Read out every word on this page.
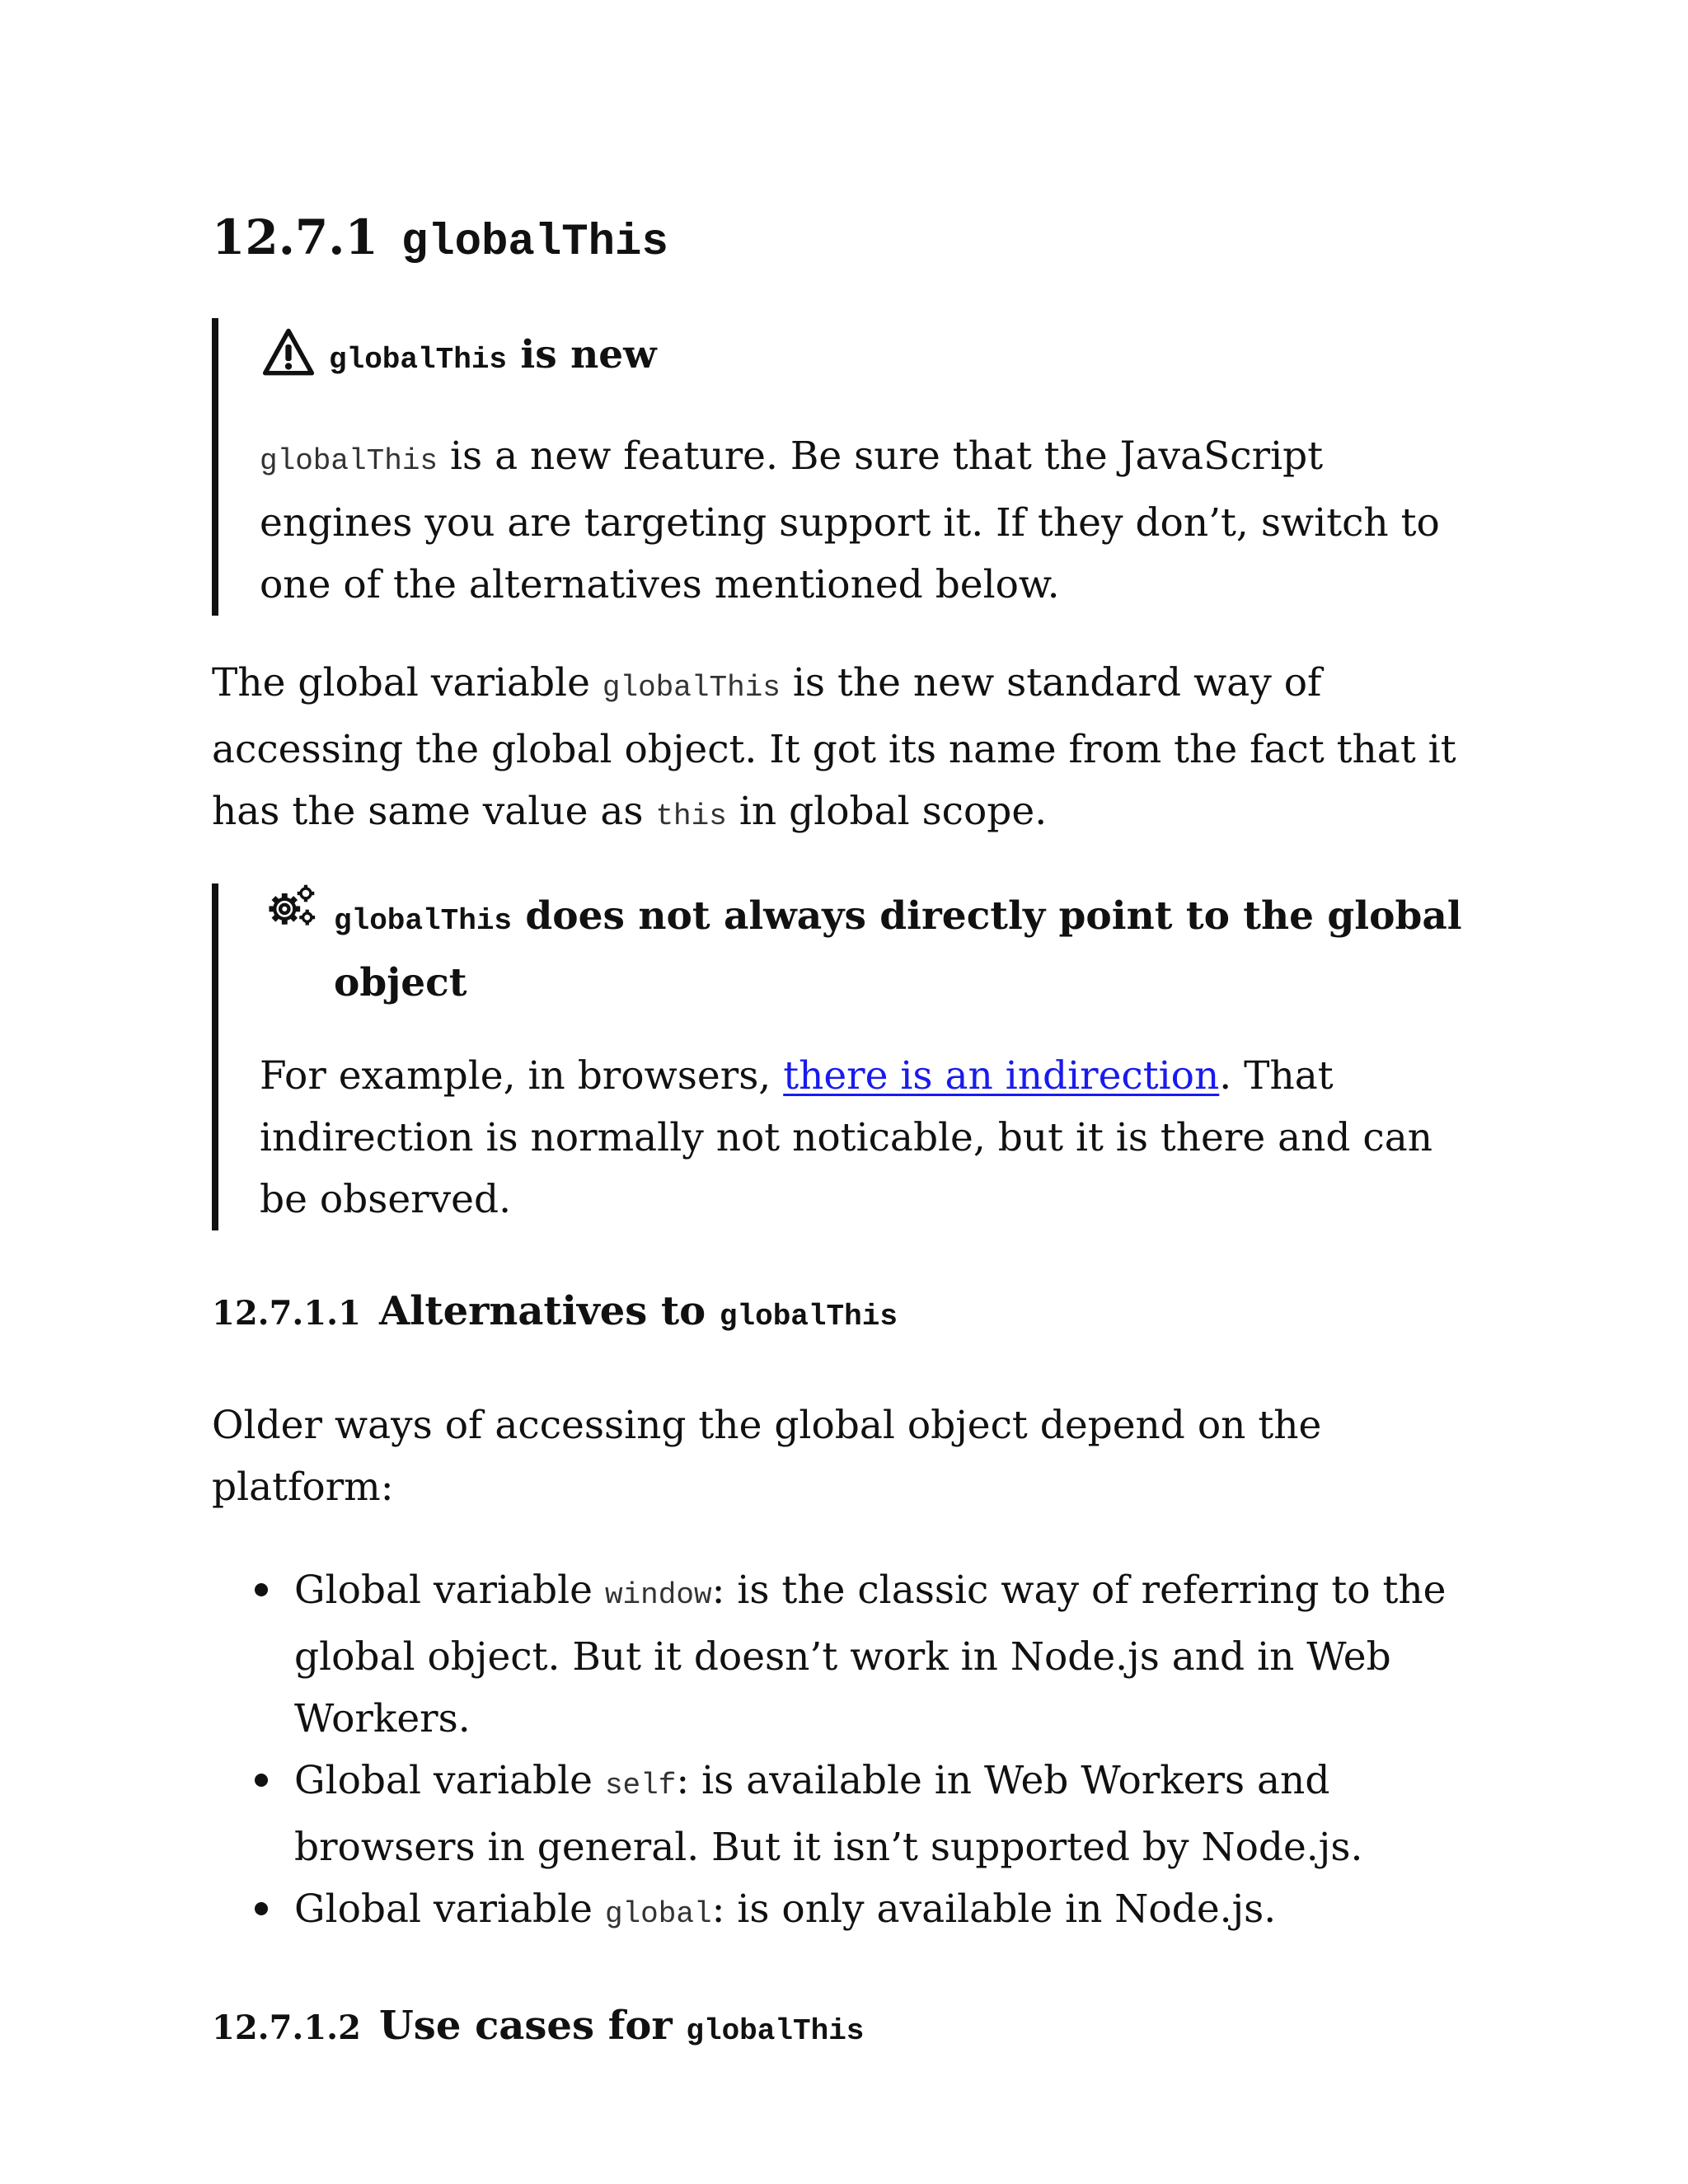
12.7.1 globalThis
globalThis is new

globalThis is a new feature. Be sure that the JavaScript engines you are targeting support it. If they don’t, switch to one of the alternatives mentioned below.

The global variable globalThis is the new standard way of accessing the global object. It got its name from the fact that it has the same value as this in global scope.

globalThis does not always directly point to the global object

For example, in browsers, there is an indirection. That indirection is normally not noticable, but it is there and can be observed.

12.7.1.1 Alternatives to globalThis

Older ways of accessing the global object depend on the platform:

Global variable window: is the classic way of referring to the global object. But it doesn’t work in Node.js and in Web Workers.
Global variable self: is available in Web Workers and browsers in general. But it isn’t supported by Node.js.
Global variable global: is only available in Node.js.
12.7.1.2 Use cases for globalThis
